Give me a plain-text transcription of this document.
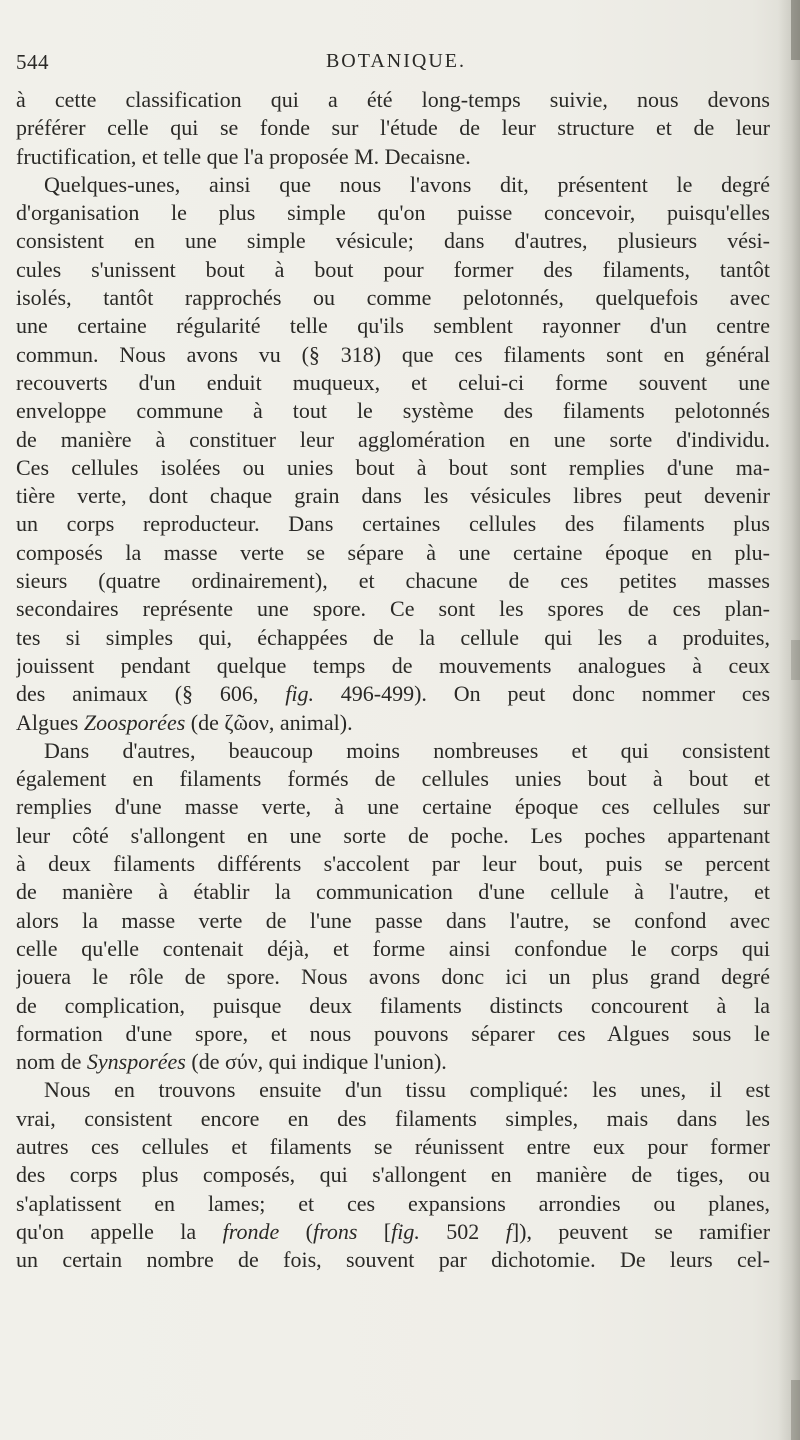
544	BOTANIQUE.
à cette classification qui a été long-temps suivie, nous devons
préférer celle qui se fonde sur l'étude de leur structure et de leur
fructification, et telle que l'a proposée M. Decaisne.
Quelques-unes, ainsi que nous l'avons dit, présentent le degré
d'organisation le plus simple qu'on puisse concevoir, puisqu'elles
consistent en une simple vésicule; dans d'autres, plusieurs vési-
cules s'unissent bout à bout pour former des filaments, tantôt
isolés, tantôt rapprochés ou comme pelotonnés, quelquefois avec
une certaine régularité telle qu'ils semblent rayonner d'un centre
commun. Nous avons vu (§ 318) que ces filaments sont en général
recouverts d'un enduit muqueux, et celui-ci forme souvent une
enveloppe commune à tout le système des filaments pelotonnés
de manière à constituer leur agglomération en une sorte d'individu.
Ces cellules isolées ou unies bout à bout sont remplies d'une ma-
tière verte, dont chaque grain dans les vésicules libres peut devenir
un corps reproducteur. Dans certaines cellules des filaments plus
composés la masse verte se sépare à une certaine époque en plu-
sieurs (quatre ordinairement), et chacune de ces petites masses
secondaires représente une spore. Ce sont les spores de ces plan-
tes si simples qui, échappées de la cellule qui les a produites,
jouissent pendant quelque temps de mouvements analogues à ceux
des animaux (§ 606, fig. 496-499). On peut donc nommer ces
Algues Zoosporées (de ζῶον, animal).
Dans d'autres, beaucoup moins nombreuses et qui consistent
également en filaments formés de cellules unies bout à bout et
remplies d'une masse verte, à une certaine époque ces cellules sur
leur côté s'allongent en une sorte de poche. Les poches appartenant
à deux filaments différents s'accolent par leur bout, puis se percent
de manière à établir la communication d'une cellule à l'autre, et
alors la masse verte de l'une passe dans l'autre, se confond avec
celle qu'elle contenait déjà, et forme ainsi confondue le corps qui
jouera le rôle de spore. Nous avons donc ici un plus grand degré
de complication, puisque deux filaments distincts concourent à la
formation d'une spore, et nous pouvons séparer ces Algues sous le
nom de Synsporées (de σύν, qui indique l'union).
Nous en trouvons ensuite d'un tissu compliqué: les unes, il est
vrai, consistent encore en des filaments simples, mais dans les
autres ces cellules et filaments se réunissent entre eux pour former
des corps plus composés, qui s'allongent en manière de tiges, ou
s'aplatissent en lames; et ces expansions arrondies ou planes,
qu'on appelle la fronde (frons [fig. 502 f]), peuvent se ramifier
un certain nombre de fois, souvent par dichotomie. De leurs cel-
